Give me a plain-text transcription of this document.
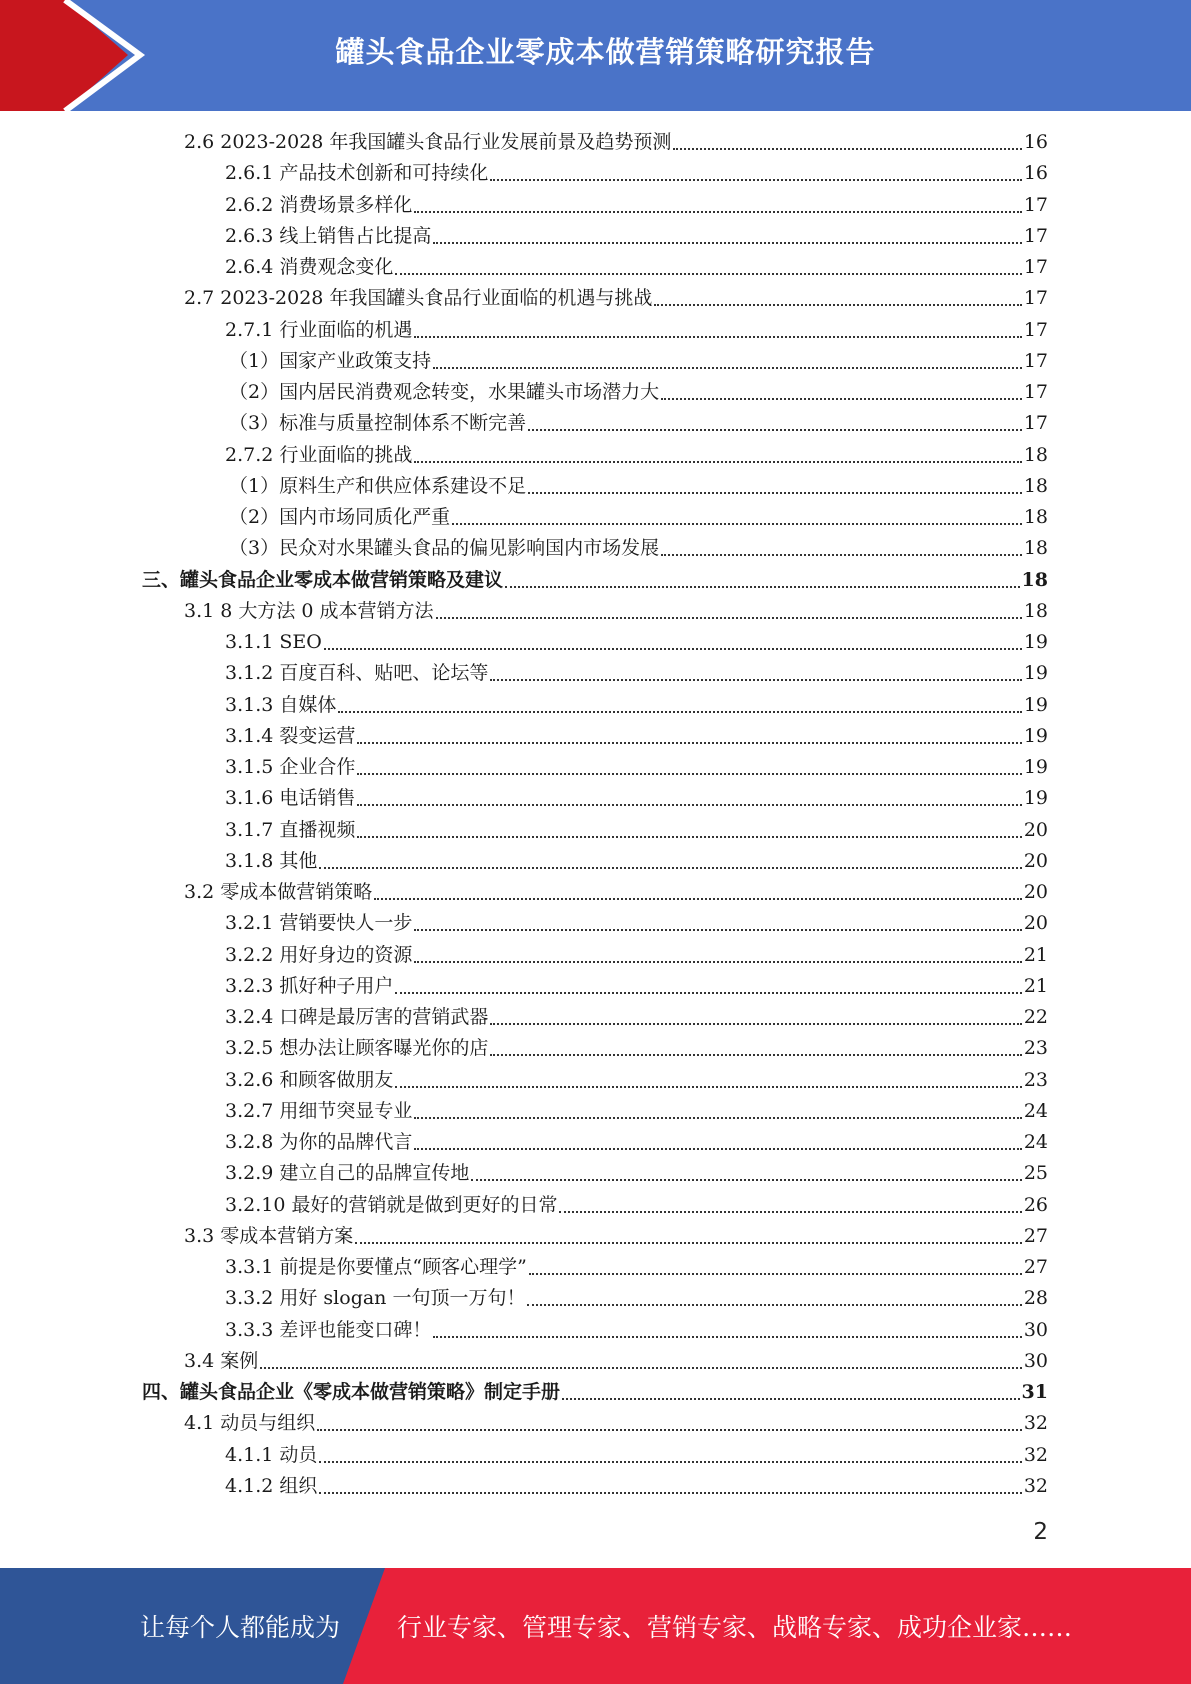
罐头食品企业零成本做营销策略研究报告
2.6 2023-2028 年我国罐头食品行业发展前景及趋势预测	16
2.6.1 产品技术创新和可持续化	16
2.6.2 消费场景多样化	17
2.6.3 线上销售占比提高	17
2.6.4 消费观念变化	17
2.7 2023-2028 年我国罐头食品行业面临的机遇与挑战	17
2.7.1 行业面临的机遇	17
（1）国家产业政策支持	17
（2）国内居民消费观念转变，水果罐头市场潜力大	17
（3）标准与质量控制体系不断完善	17
2.7.2 行业面临的挑战	18
（1）原料生产和供应体系建设不足	18
（2）国内市场同质化严重	18
（3）民众对水果罐头食品的偏见影响国内市场发展	18
三、罐头食品企业零成本做营销策略及建议	18
3.1 8 大方法 0 成本营销方法	18
3.1.1 SEO	19
3.1.2 百度百科、贴吧、论坛等	19
3.1.3 自媒体	19
3.1.4 裂变运营	19
3.1.5 企业合作	19
3.1.6 电话销售	19
3.1.7 直播视频	20
3.1.8 其他	20
3.2 零成本做营销策略	20
3.2.1 营销要快人一步	20
3.2.2 用好身边的资源	21
3.2.3 抓好种子用户	21
3.2.4 口碑是最厉害的营销武器	22
3.2.5 想办法让顾客曝光你的店	23
3.2.6 和顾客做朋友	23
3.2.7 用细节突显专业	24
3.2.8 为你的品牌代言	24
3.2.9 建立自己的品牌宣传地	25
3.2.10 最好的营销就是做到更好的日常	26
3.3 零成本营销方案	27
3.3.1 前提是你要懂点“顾客心理学”	27
3.3.2 用好 slogan 一句顶一万句！	28
3.3.3 差评也能变口碑！	30
3.4 案例	30
四、罐头食品企业《零成本做营销策略》制定手册	31
4.1 动员与组织	32
4.1.1 动员	32
4.1.2 组织	32
2
让每个人都能成为 行业专家、管理专家、营销专家、战略专家、成功企业家……
